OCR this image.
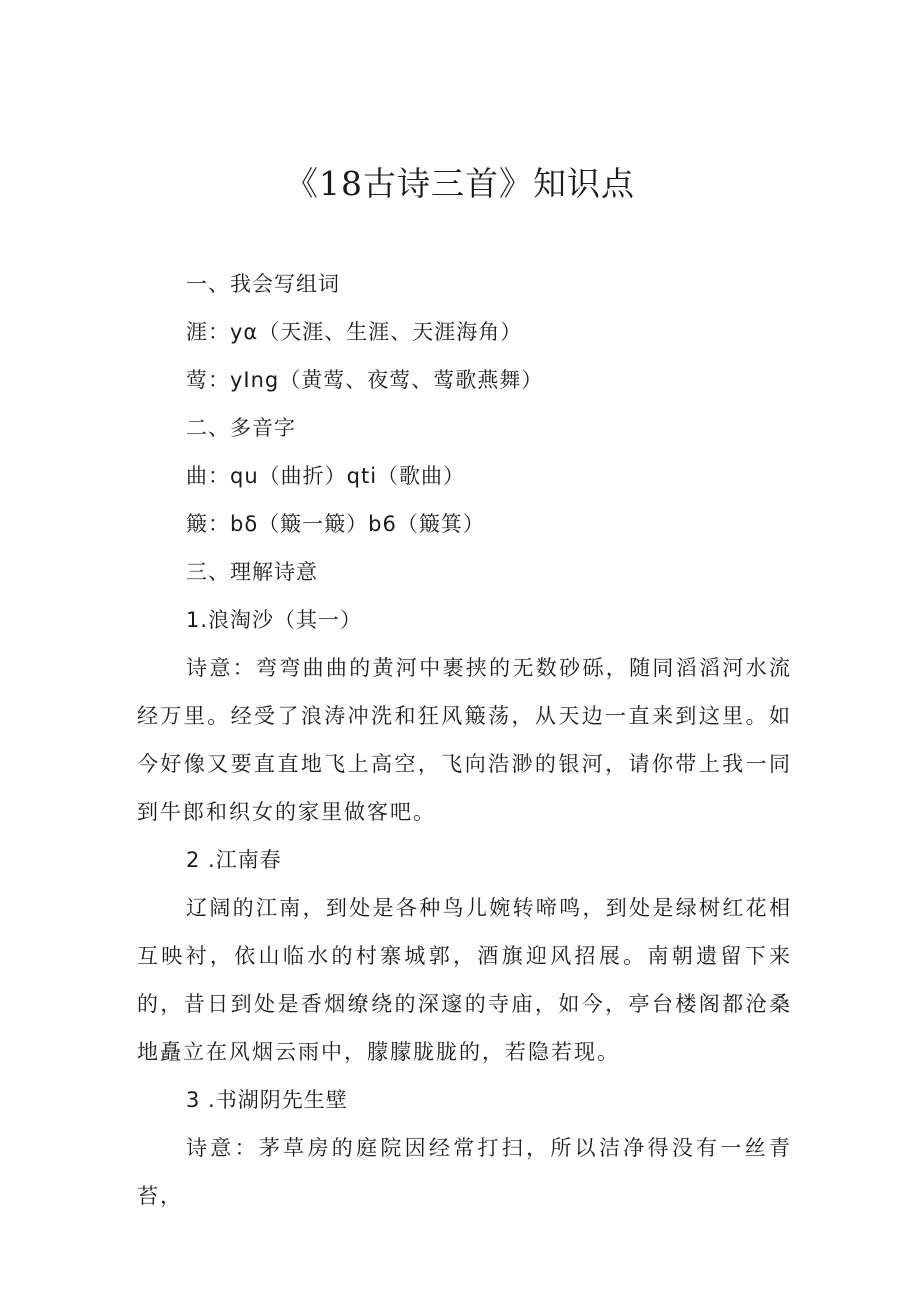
《18古诗三首》知识点

一、我会写组词

涯：yα（天涯、生涯、天涯海角）

莺：yIng（黄莺、夜莺、莺歌燕舞）

二、多音字

曲：qu（曲折）qti（歌曲）

簸：bδ（簸一簸）b6（簸箕）

三、理解诗意

1.浪淘沙（其一）

诗意：弯弯曲曲的黄河中裹挟的无数砂砾，随同滔滔河水流经万里。经受了浪涛冲洗和狂风簸荡，从天边一直来到这里。如今好像又要直直地飞上高空，飞向浩渺的银河，请你带上我一同到牛郎和织女的家里做客吧。

2 .江南春

辽阔的江南，到处是各种鸟儿婉转啼鸣，到处是绿树红花相互映衬，依山临水的村寨城郭，酒旗迎风招展。南朝遗留下来的，昔日到处是香烟缭绕的深邃的寺庙，如今，亭台楼阁都沧桑地矗立在风烟云雨中，朦朦胧胧的，若隐若现。

3 .书湖阴先生壁

诗意：茅草房的庭院因经常打扫，所以洁净得没有一丝青苔，
